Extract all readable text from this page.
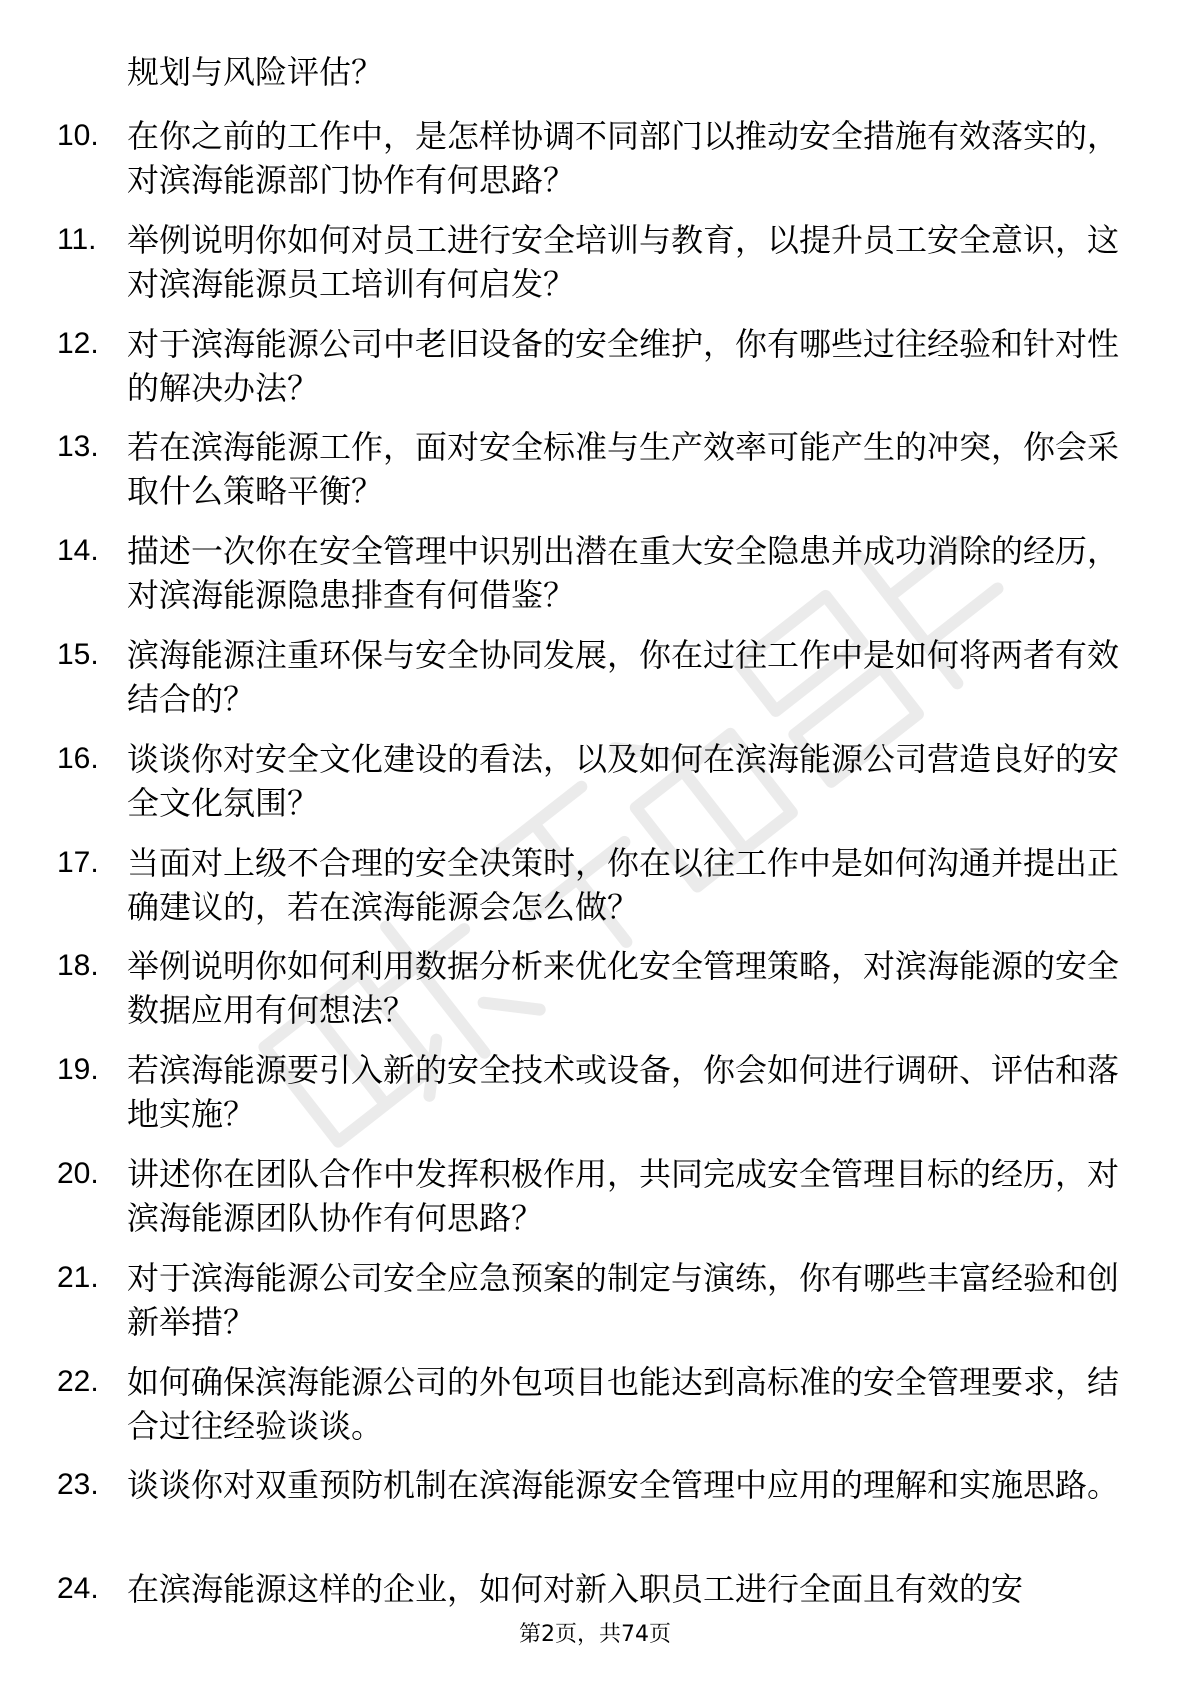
规划与风险评估？
10. 在你之前的工作中，是怎样协调不同部门以推动安全措施有效落实的，对滨海能源部门协作有何思路？
11. 举例说明你如何对员工进行安全培训与教育，以提升员工安全意识，这对滨海能源员工培训有何启发？
12. 对于滨海能源公司中老旧设备的安全维护，你有哪些过往经验和针对性的解决办法？
13. 若在滨海能源工作，面对安全标准与生产效率可能产生的冲突，你会采取什么策略平衡？
14. 描述一次你在安全管理中识别出潜在重大安全隐患并成功消除的经历，对滨海能源隐患排查有何借鉴？
15. 滨海能源注重环保与安全协同发展，你在过往工作中是如何将两者有效结合的？
16. 谈谈你对安全文化建设的看法，以及如何在滨海能源公司营造良好的安全文化氛围？
17. 当面对上级不合理的安全决策时，你在以往工作中是如何沟通并提出正确建议的，若在滨海能源会怎么做？
18. 举例说明你如何利用数据分析来优化安全管理策略，对滨海能源的安全数据应用有何想法？
19. 若滨海能源要引入新的安全技术或设备，你会如何进行调研、评估和落地实施？
20. 讲述你在团队合作中发挥积极作用，共同完成安全管理目标的经历，对滨海能源团队协作有何思路？
21. 对于滨海能源公司安全应急预案的制定与演练，你有哪些丰富经验和创新举措？
22. 如何确保滨海能源公司的外包项目也能达到高标准的安全管理要求，结合过往经验谈谈。
23. 谈谈你对双重预防机制在滨海能源安全管理中应用的理解和实施思路。
24. 在滨海能源这样的企业，如何对新入职员工进行全面且有效的安
第2页，共74页
